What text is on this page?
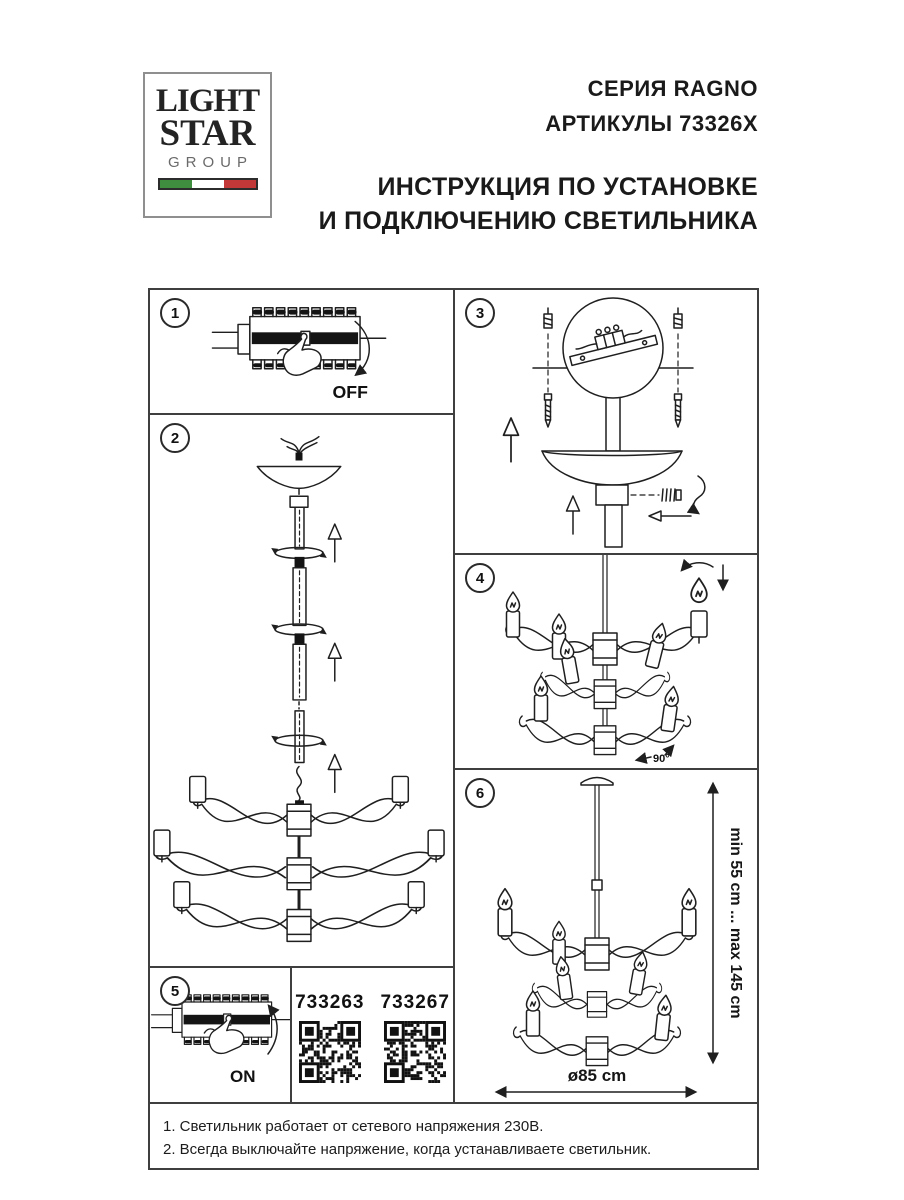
LIGHT
STAR
GROUP
СЕРИЯ RAGNO
АРТИКУЛЫ 73326X
ИНСТРУКЦИЯ ПО УСТАНОВКЕ
И ПОДКЛЮЧЕНИЮ СВЕТИЛЬНИКА
1
OFF
2
3
4
90°
6
min 55 cm ... max 145 cm
ø85 cm
5
ON
733263 733267
1. Светильник работает от сетевого напряжения 230В.
2. Всегда выключайте напряжение, когда устанавливаете светильник.
